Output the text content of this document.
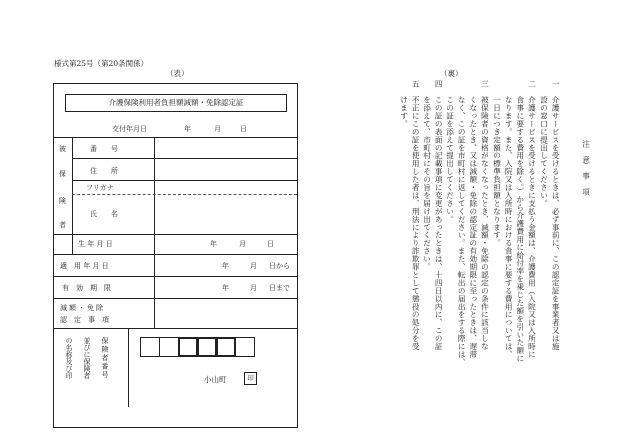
様式第25号（第20条関係）
（表）	（裏）
介護保険利用者負担額減額・免除認定証
交付年月日	年	月	日
被
保
険
者
番　　号
住　　所
フリガナ
氏　　名
生 年 月 日	年	月	日
適　用 年 月 日	年	月 日から
有　効　期　限	年	月 日まで
減額・免除
認　定　事　項
保険者番号
並びに保険者
の名称及び印
小山町	印
注　意　事　項
一　介護サービスを受けるときは、必ず事前に、この認定証を事業者又は施
　　設の窓口に提出してください。
二　介護サービスを受けるときに支払う金額は、介護費用（入院又は入所時に
　　食事に要する費用を除く。）から介護費用に給付率を乗じた額を引いた額に
　　なります。また、入院又は入所時における食事に要する費用については、
　　一日につき定額の標準負担額となります。
三　被保険者の資格がなくなったとき、減額・免除の認定の条件に該当しな
　　くなったとき、又は減額・免除の認定証の有効期限に至ったときは、遅滞
　　なく、この証を市町村に返してください。また、転出の届出をする際には、
　　この証を添えて提出してください。
四　この証の表面の記載事項に変更があったときは、十四日以内に、この証
　　を添えて、市町村にその旨を届け出てください。
五　不正にこの証を使用した者は、刑法により詐欺罪として懲役の処分を受
　　けます。
